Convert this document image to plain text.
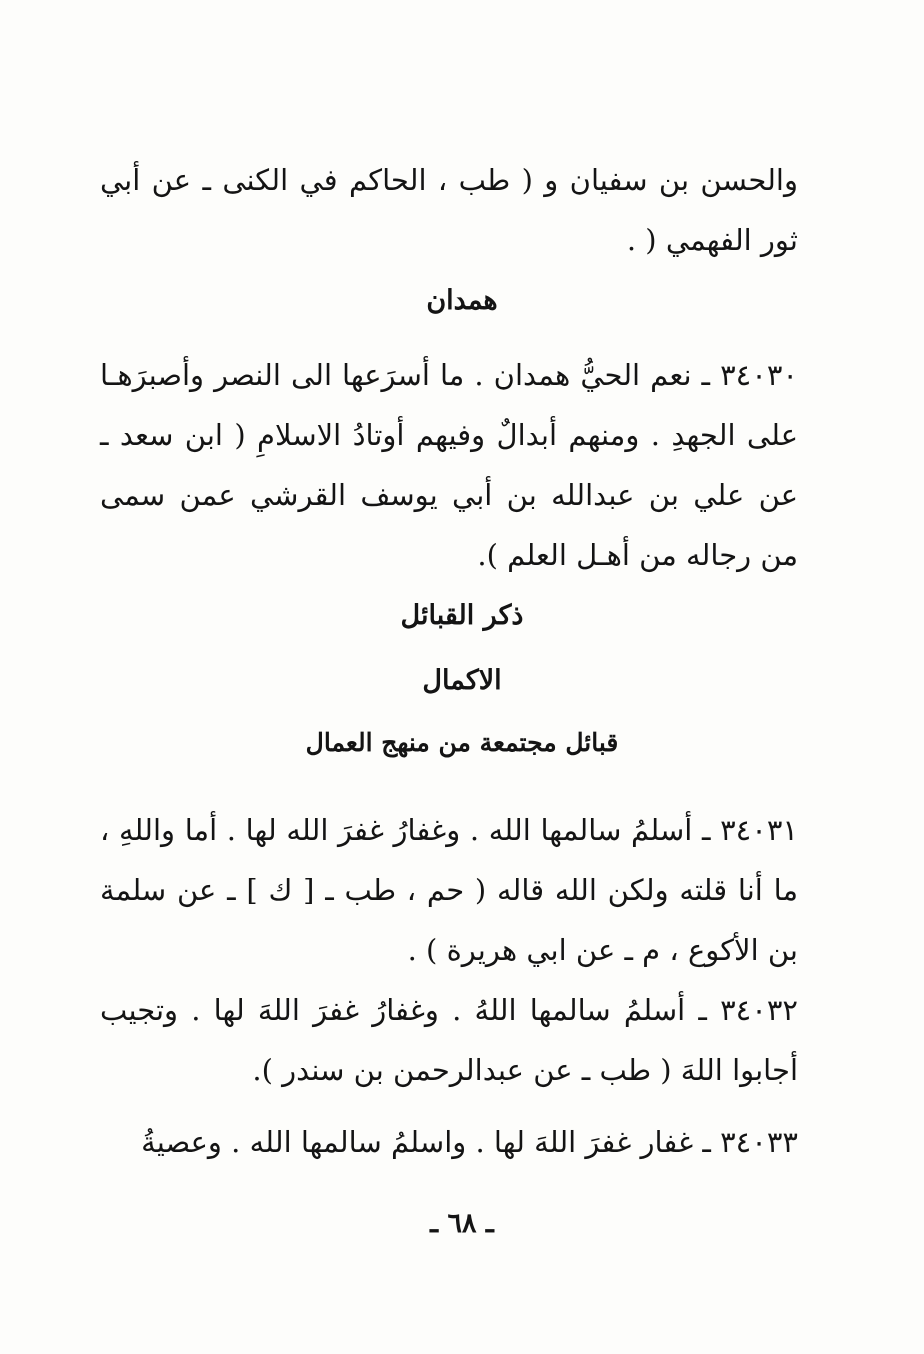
والحسن بن سفيان و ( طب ، الحاكم في الكنى ـ عن أبي ثور الفهمي ( .

همدان

٣٤٠٣٠ ـ نعم الحيُّ همدان . ما أسرَعها الى النصر وأصبرَهـا على الجهدِ . ومنهم أبدالٌ وفيهم أوتادُ الاسلامِ ( ابن سعد ـ عن علي بن عبدالله بن أبي يوسف القرشي عمن سمى من رجاله من أهـل العلم ).

ذكر القبائل

الاكمال

قبائل مجتمعة من منهج العمال

٣٤٠٣١ ـ أسلمُ سالمها الله . وغفارُ غفرَ الله لها . أما واللهِ ، ما أنا قلته ولكن الله قاله ( حم ، طب ـ [ ك ] ـ عن سلمة بن الأكوع ، م ـ عن ابي هريرة ) .

٣٤٠٣٢ ـ أسلمُ سالمها اللهُ . وغفارُ غفرَ اللهَ لها . وتجيب أجابوا اللهَ ( طب ـ عن عبدالرحمن بن سندر ).

٣٤٠٣٣ ـ غفار غفرَ اللهَ لها . واسلمُ سالمها الله . وعصيةُ

ـ ٦٨ ـ
